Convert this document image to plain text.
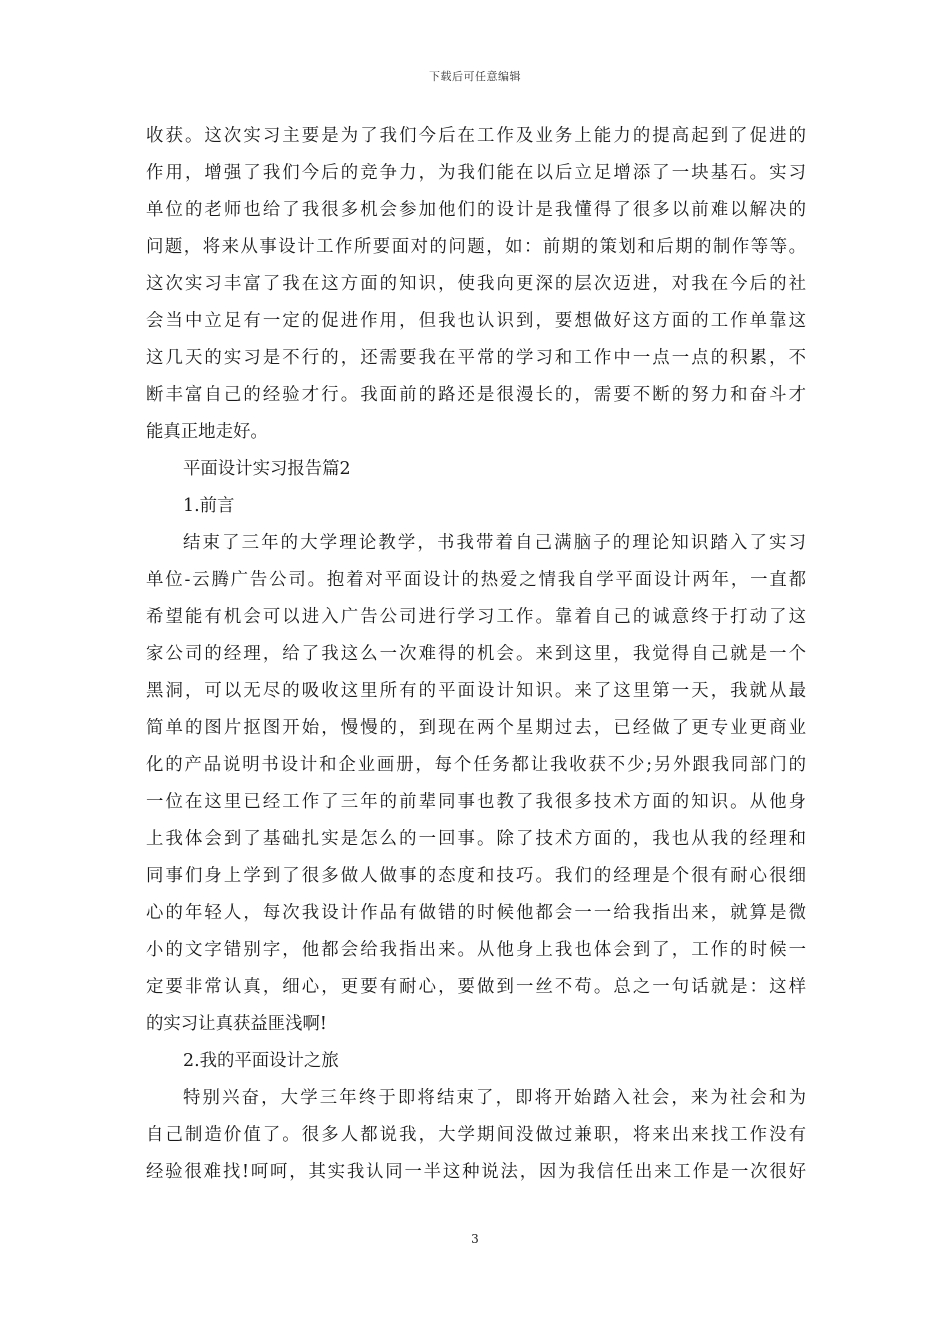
下载后可任意编辑
收获。这次实习主要是为了我们今后在工作及业务上能力的提高起到了促进的
作用，增强了我们今后的竞争力，为我们能在以后立足增添了一块基石。实习
单位的老师也给了我很多机会参加他们的设计是我懂得了很多以前难以解决的
问题，将来从事设计工作所要面对的问题，如：前期的策划和后期的制作等等。
这次实习丰富了我在这方面的知识，使我向更深的层次迈进，对我在今后的社
会当中立足有一定的促进作用，但我也认识到，要想做好这方面的工作单靠这
这几天的实习是不行的，还需要我在平常的学习和工作中一点一点的积累，不
断丰富自己的经验才行。我面前的路还是很漫长的，需要不断的努力和奋斗才
能真正地走好。
平面设计实习报告篇2
1.前言
结束了三年的大学理论教学，书我带着自己满脑子的理论知识踏入了实习
单位-云腾广告公司。抱着对平面设计的热爱之情我自学平面设计两年，一直都
希望能有机会可以进入广告公司进行学习工作。靠着自己的诚意终于打动了这
家公司的经理，给了我这么一次难得的机会。来到这里，我觉得自己就是一个
黑洞，可以无尽的吸收这里所有的平面设计知识。来了这里第一天，我就从最
简单的图片抠图开始，慢慢的，到现在两个星期过去，已经做了更专业更商业
化的产品说明书设计和企业画册，每个任务都让我收获不少;另外跟我同部门的
一位在这里已经工作了三年的前辈同事也教了我很多技术方面的知识。从他身
上我体会到了基础扎实是怎么的一回事。除了技术方面的，我也从我的经理和
同事们身上学到了很多做人做事的态度和技巧。我们的经理是个很有耐心很细
心的年轻人，每次我设计作品有做错的时候他都会一一给我指出来，就算是微
小的文字错别字，他都会给我指出来。从他身上我也体会到了，工作的时候一
定要非常认真，细心，更要有耐心，要做到一丝不苟。总之一句话就是：这样
的实习让真获益匪浅啊!
2.我的平面设计之旅
特别兴奋，大学三年终于即将结束了，即将开始踏入社会，来为社会和为
自己制造价值了。很多人都说我，大学期间没做过兼职，将来出来找工作没有
经验很难找!呵呵，其实我认同一半这种说法，因为我信任出来工作是一次很好
3
